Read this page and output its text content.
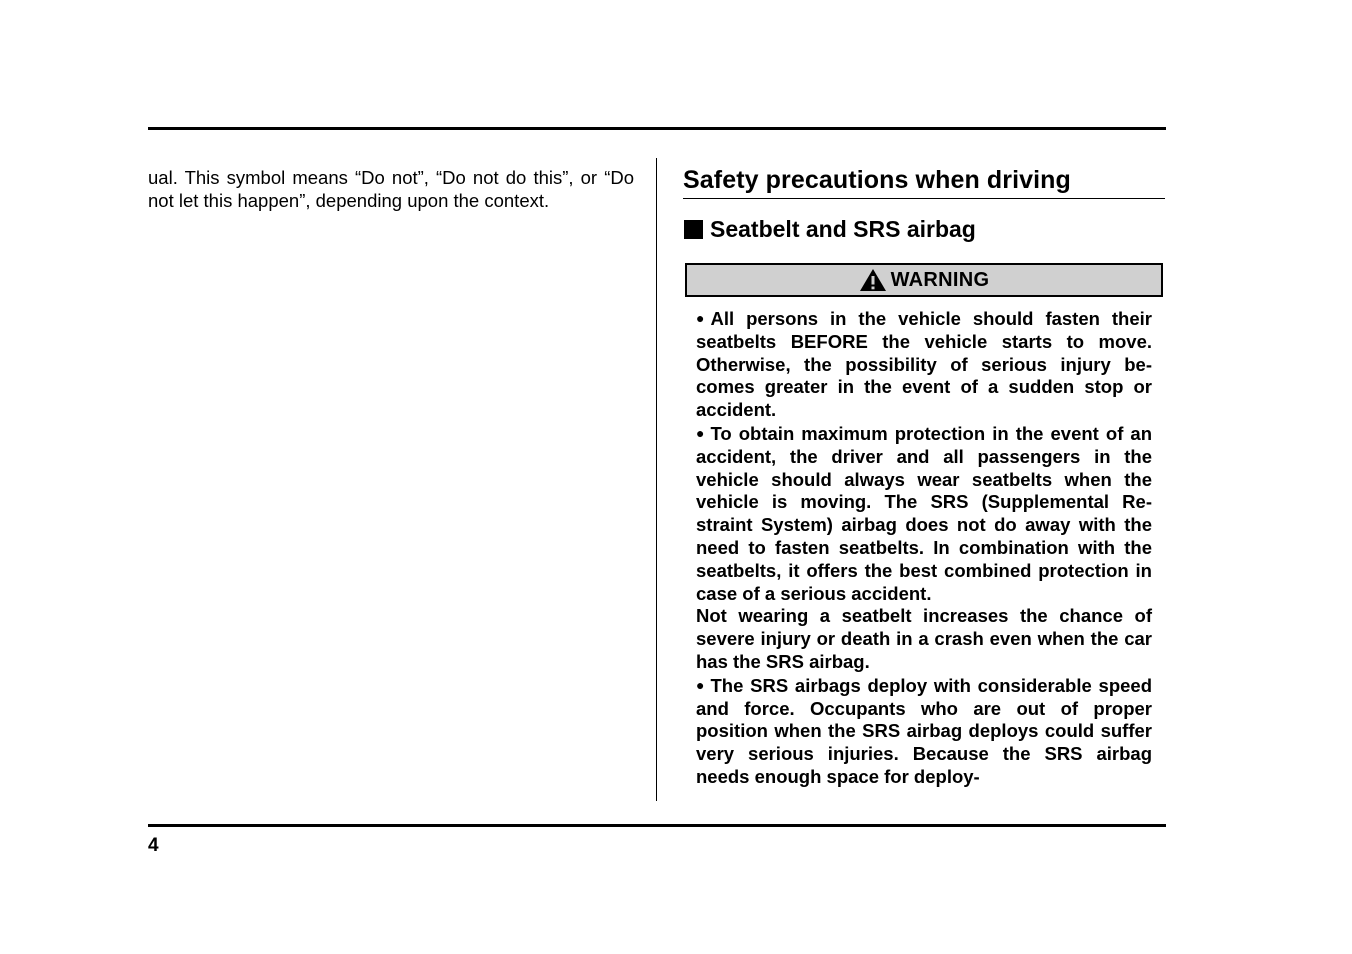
ual. This symbol means “Do not”, “Do not do this”, or “Do not let this happen”, depending upon the context.

Safety precautions when driving
Seatbelt and SRS airbag
WARNING

● All persons in the vehicle should fasten their seatbelts BEFORE the vehicle starts to move. Otherwise, the possibility of serious injury be-comes greater in the event of a sudden stop or accident.

● To obtain maximum protection in the event of an accident, the driver and all passengers in the vehicle should always wear seatbelts when the vehicle is moving. The SRS (Supplemental Re-straint System) airbag does not do away with the need to fasten seatbelts. In combination with the seatbelts, it offers the best combined protection in case of a serious accident.

Not wearing a seatbelt increases the chance of severe injury or death in a crash even when the car has the SRS airbag.

● The SRS airbags deploy with considerable speed and force. Occupants who are out of proper position when the SRS airbag deploys could suffer very serious injuries. Because the SRS airbag needs enough space for deploy-

4
